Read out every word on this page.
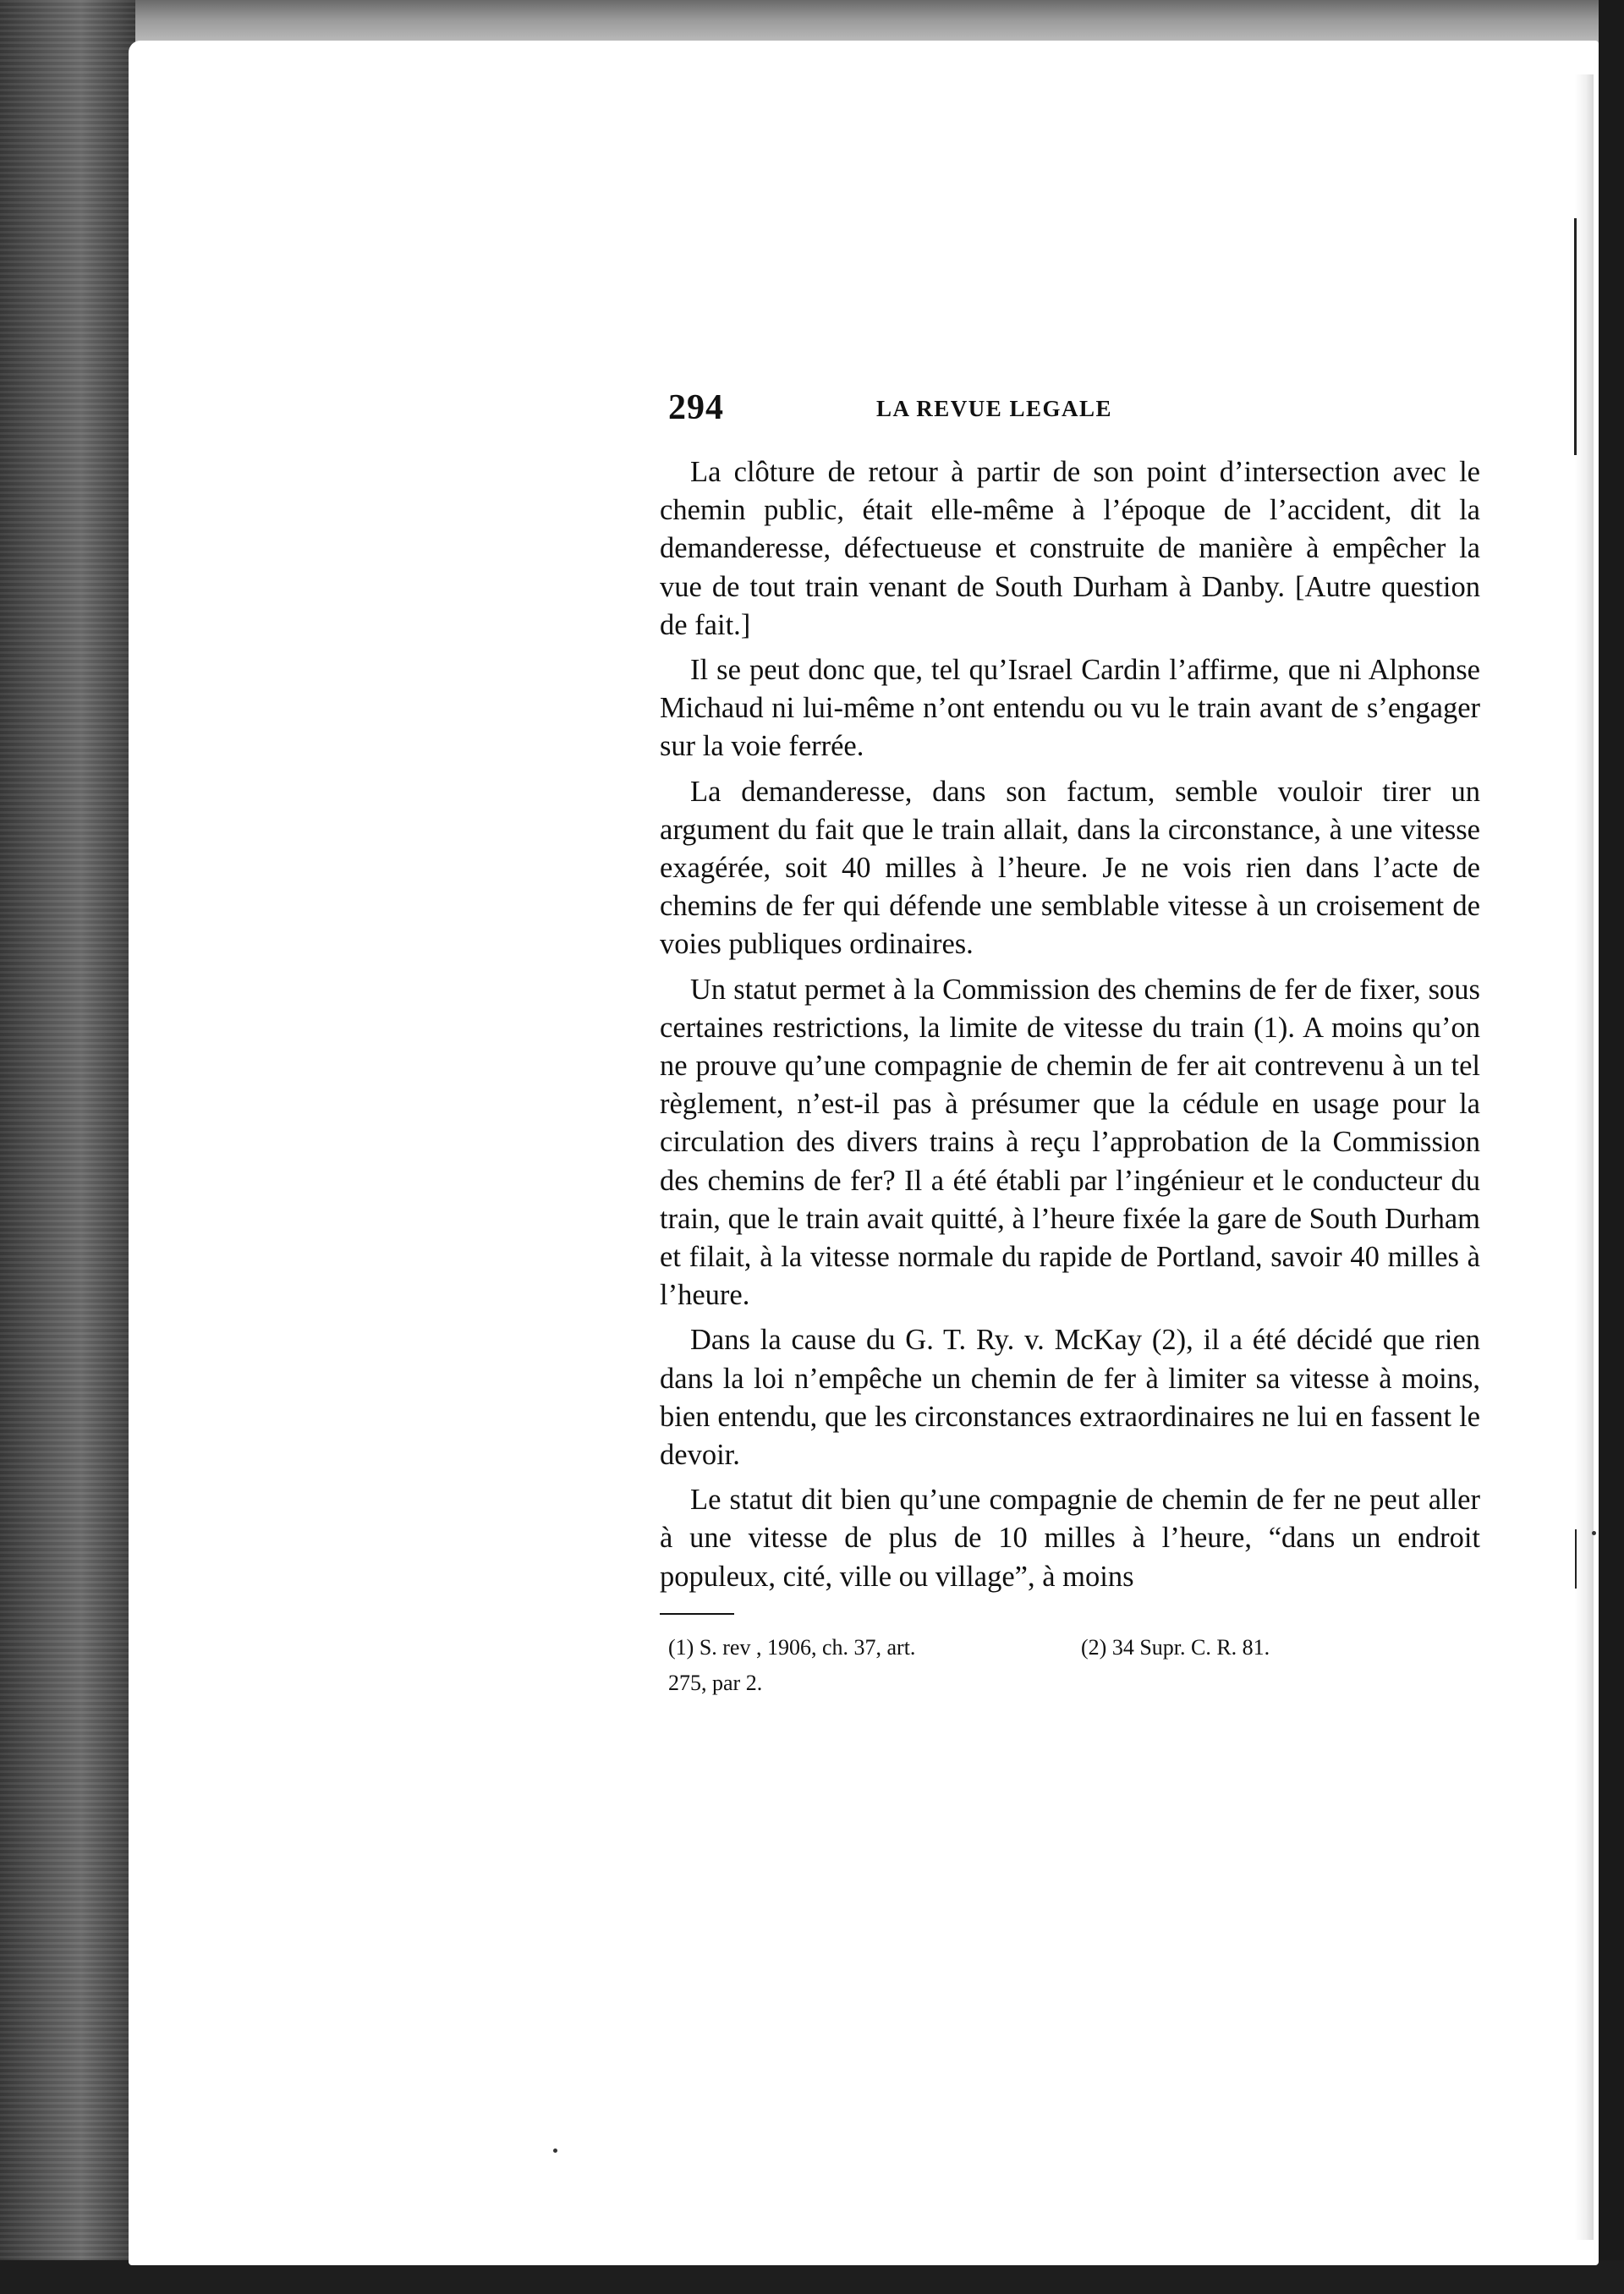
294	LA REVUE LEGALE

La clôture de retour à partir de son point d’intersection avec le chemin public, était elle-même à l’époque de l’accident, dit la demanderesse, défectueuse et construite de manière à empêcher la vue de tout train venant de South Durham à Danby. [Autre question de fait.]

Il se peut donc que, tel qu’Israel Cardin l’affirme, que ni Alphonse Michaud ni lui-même n’ont entendu ou vu le train avant de s’engager sur la voie ferrée.

La demanderesse, dans son factum, semble vouloir tirer un argument du fait que le train allait, dans la circonstance, à une vitesse exagérée, soit 40 milles à l’heure. Je ne vois rien dans l’acte de chemins de fer qui défende une semblable vitesse à un croisement de voies publiques ordinaires.

Un statut permet à la Commission des chemins de fer de fixer, sous certaines restrictions, la limite de vitesse du train (1). A moins qu’on ne prouve qu’une compagnie de chemin de fer ait contrevenu à un tel règlement, n’est-il pas à présumer que la cédule en usage pour la circulation des divers trains à reçu l’approbation de la Commission des chemins de fer? Il a été établi par l’ingénieur et le conducteur du train, que le train avait quitté, à l’heure fixée la gare de South Durham et filait, à la vitesse normale du rapide de Portland, savoir 40 milles à l’heure.

Dans la cause du G. T. Ry. v. McKay (2), il a été décidé que rien dans la loi n’empêche un chemin de fer à limiter sa vitesse à moins, bien entendu, que les circonstances extraordinaires ne lui en fassent le devoir.

Le statut dit bien qu’une compagnie de chemin de fer ne peut aller à une vitesse de plus de 10 milles à l’heure, “dans un endroit populeux, cité, ville ou village”, à moins

(1) S. rev , 1906, ch. 37, art.
275, par 2.
(2) 34 Supr. C. R. 81.
